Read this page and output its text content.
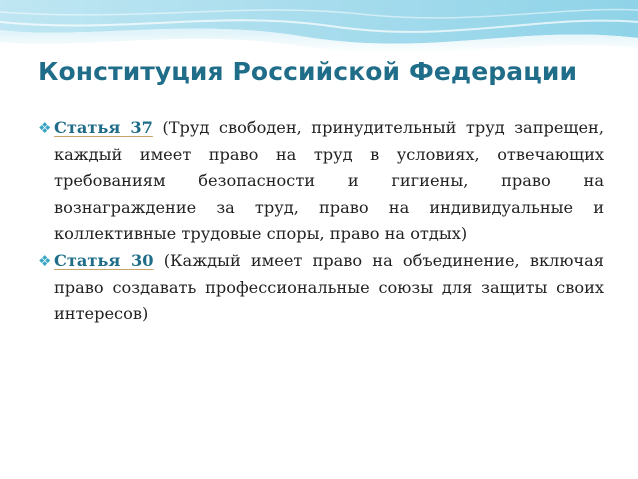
Конституция Российской Федерации

❖ Статья 37 (Труд свободен, принудительный труд запрещен, каждый имеет право на труд в условиях, отвечающих требованиям безопасности и гигиены, право на вознаграждение за труд, право на индивидуальные и коллективные трудовые споры, право на отдых)

❖ Статья 30 (Каждый имеет право на объединение, включая право создавать профессиональные союзы для защиты своих интересов)
